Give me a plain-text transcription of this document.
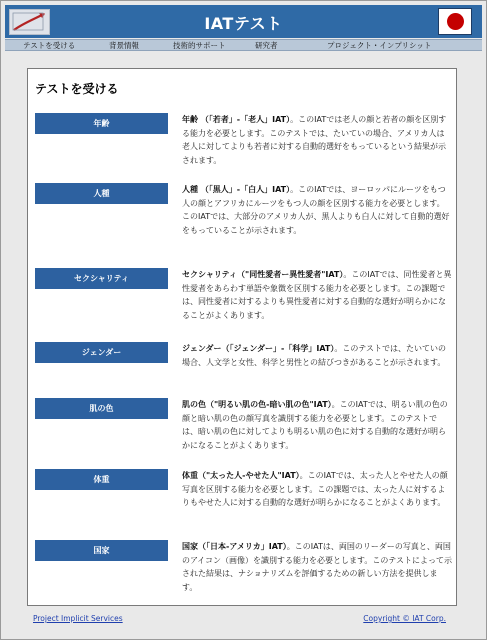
IATテスト
テストを受ける	背景情報	技術的サポート	研究者	プロジェクト・インプリシット
テストを受ける
年齢	年齢 （「若者」-「老人」IAT）。このIATでは老人の顔と若者の顔を区別する能力を必要とします。このテストでは、たいていの場合、アメリカ人は老人に対してよりも若者に対する自動的選好をもっているという結果が示されます。
人種	人種 （「黒人」-「白人」IAT）。このIATでは、ヨーロッパにルーツをもつ人の顔とアフリカにルーツをもつ人の顔を区別する能力を必要とします。このIATでは、大部分のアメリカ人が、黒人よりも白人に対して自動的選好をもっていることが示されます。
セクシャリティ	セクシャリティ（"同性愛者ー異性愛者"IAT）。このIATでは、同性愛者と異性愛者をあらわす単語や象徴を区別する能力を必要とします。この課題では、同性愛者に対するよりも異性愛者に対する自動的な選好が明らかになることがよくあります。
ジェンダー	ジェンダー（「ジェンダー」-「科学」IAT）。このテストでは、たいていの場合、人文学と女性、科学と男性との結びつきがあることが示されます。
肌の色	肌の色（"明るい肌の色-暗い肌の色"IAT）。このIATでは、明るい肌の色の顔と暗い肌の色の顔写真を識別する能力を必要とします。このテストでは、暗い肌の色に対してよりも明るい肌の色に対する自動的な選好が明らかになることがよくあります。
体重	体重（"太った人-やせた人"IAT）。このIATでは、太った人とやせた人の顔写真を区別する能力を必要とします。この課題では、太った人に対するよりもやせた人に対する自動的な選好が明らかになることがよくあります。
国家	国家（「日本-アメリカ」IAT）。このIATは、両国のリーダーの写真と、両国のアイコン（画像）を識別する能力を必要とします。このテストによって示された結果は、ナショナリズムを評価するための新しい方法を提供します。
Project Implicit Services	Copyright © IAT Corp.
